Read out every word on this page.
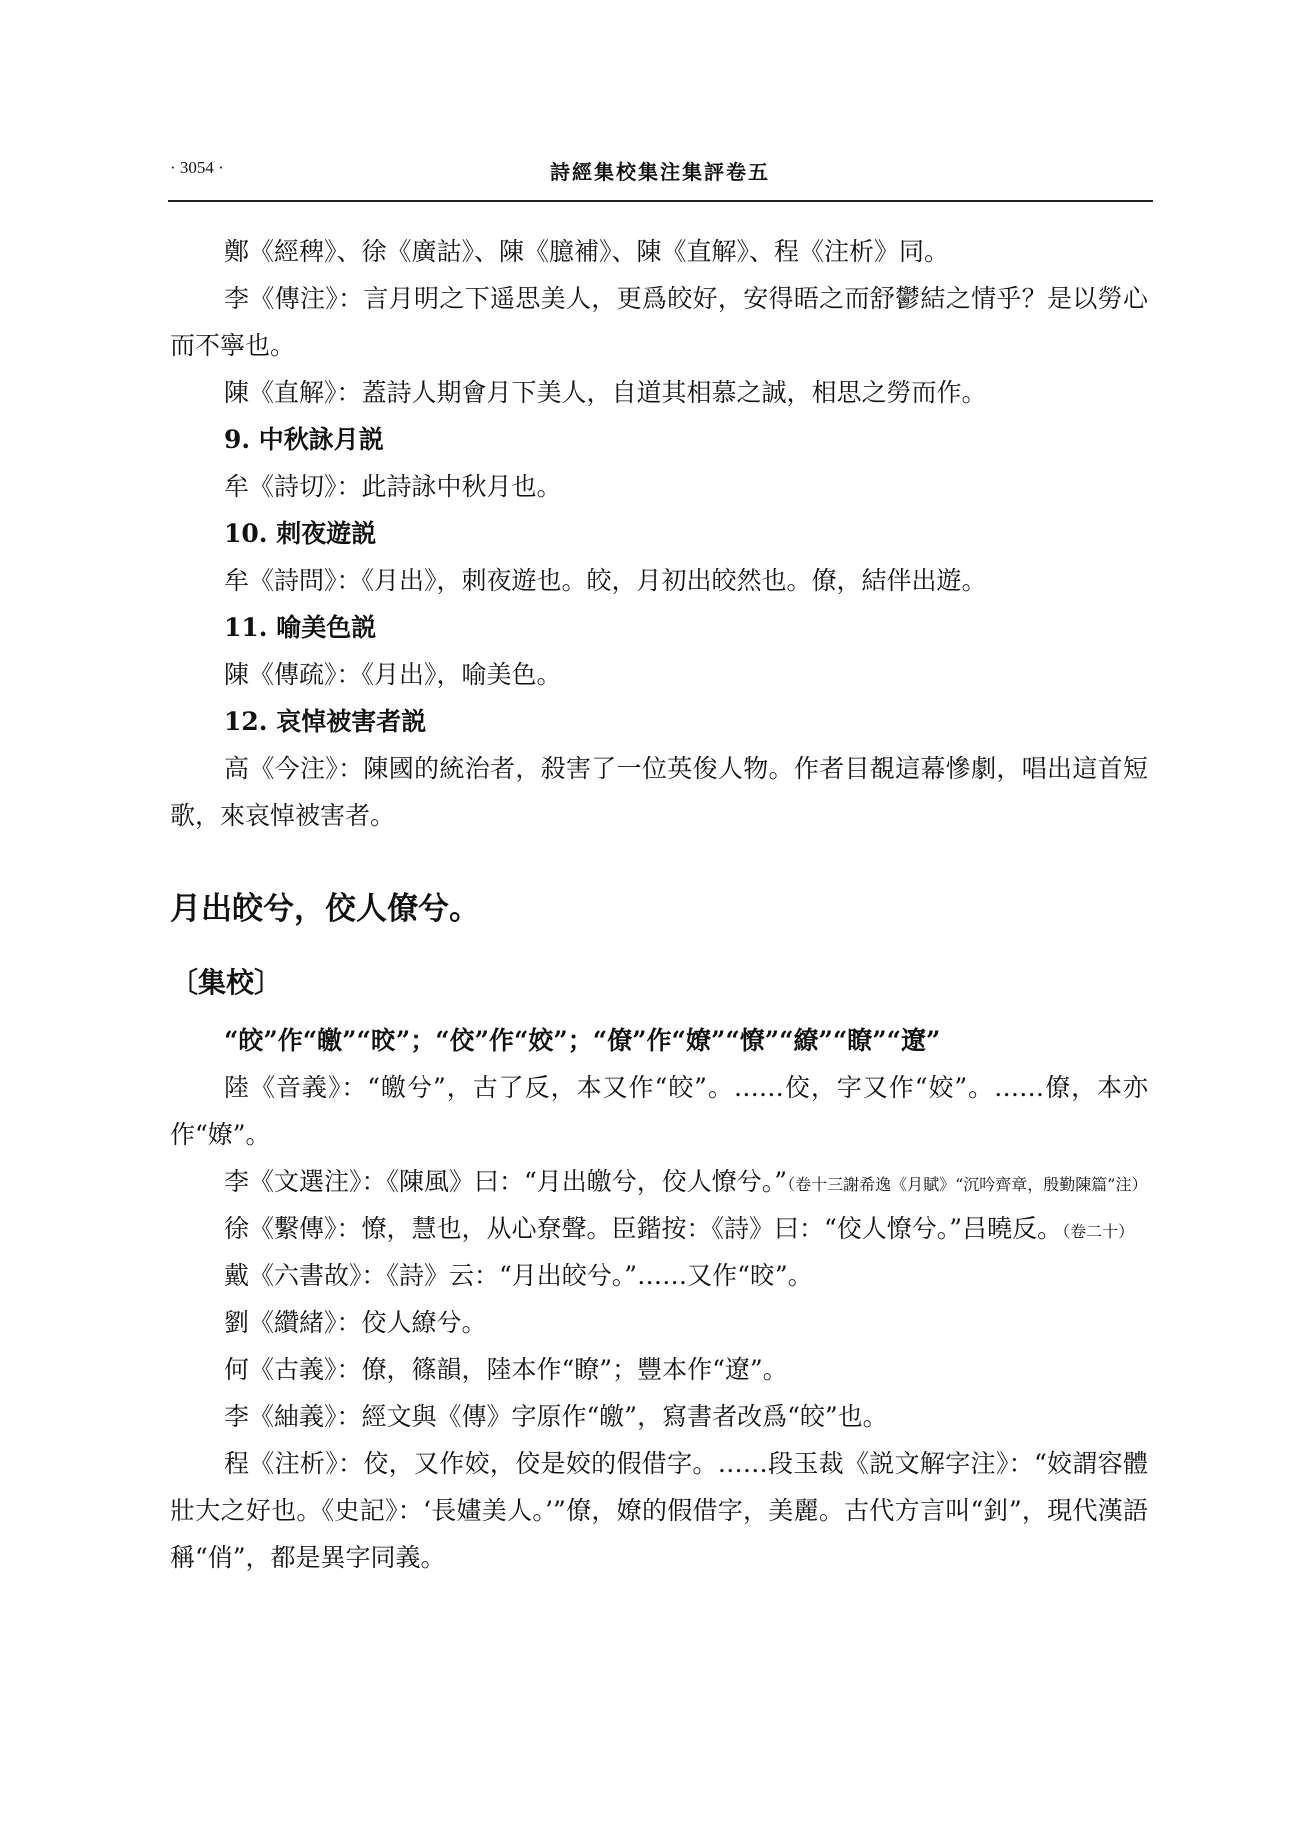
· 3054 ·	詩經集校集注集評卷五

鄭《經稗》、徐《廣詁》、陳《臆補》、陳《直解》、程《注析》同。

李《傳注》：言月明之下遥思美人，更爲皎好，安得晤之而舒鬱結之情乎？是以勞心而不寧也。

陳《直解》：蓋詩人期會月下美人，自道其相慕之誠，相思之勞而作。

9. 中秋詠月説

牟《詩切》：此詩詠中秋月也。

10. 刺夜遊説

牟《詩問》：《月出》，刺夜遊也。皎，月初出皎然也。僚，結伴出遊。

11. 喻美色説

陳《傳疏》：《月出》，喻美色。

12. 哀悼被害者説

高《今注》：陳國的統治者，殺害了一位英俊人物。作者目覩這幕慘劇，唱出這首短歌，來哀悼被害者。

月出皎兮，佼人僚兮。

〔集校〕

“皎”作“皦”“晈”；“佼”作“姣”；“僚”作“嫽”“憭”“繚”“瞭”“遼”

陸《音義》：“皦兮”，古了反，本又作“皎”。……佼，字又作“姣”。……僚，本亦作“嫽”。

李《文選注》：《陳風》曰：“月出皦兮，佼人憭兮。”（卷十三謝希逸《月賦》“沉吟齊章，殷勤陳篇”注）

徐《繫傳》：憭，慧也，从心尞聲。臣鍇按：《詩》曰：“佼人憭兮。”吕曉反。（卷二十）

戴《六書故》：《詩》云：“月出皎兮。”……又作“晈”。

劉《纘緒》：佼人繚兮。

何《古義》：僚，篠韻，陸本作“瞭”；豐本作“遼”。

李《紬義》：經文與《傳》字原作“皦”，寫書者改爲“皎”也。

程《注析》：佼，又作姣，佼是姣的假借字。……段玉裁《説文解字注》：“姣謂容體壯大之好也。《史記》：‘長嫿美人。’”僚，嫽的假借字，美麗。古代方言叫“釗”，現代漢語稱“俏”，都是異字同義。
